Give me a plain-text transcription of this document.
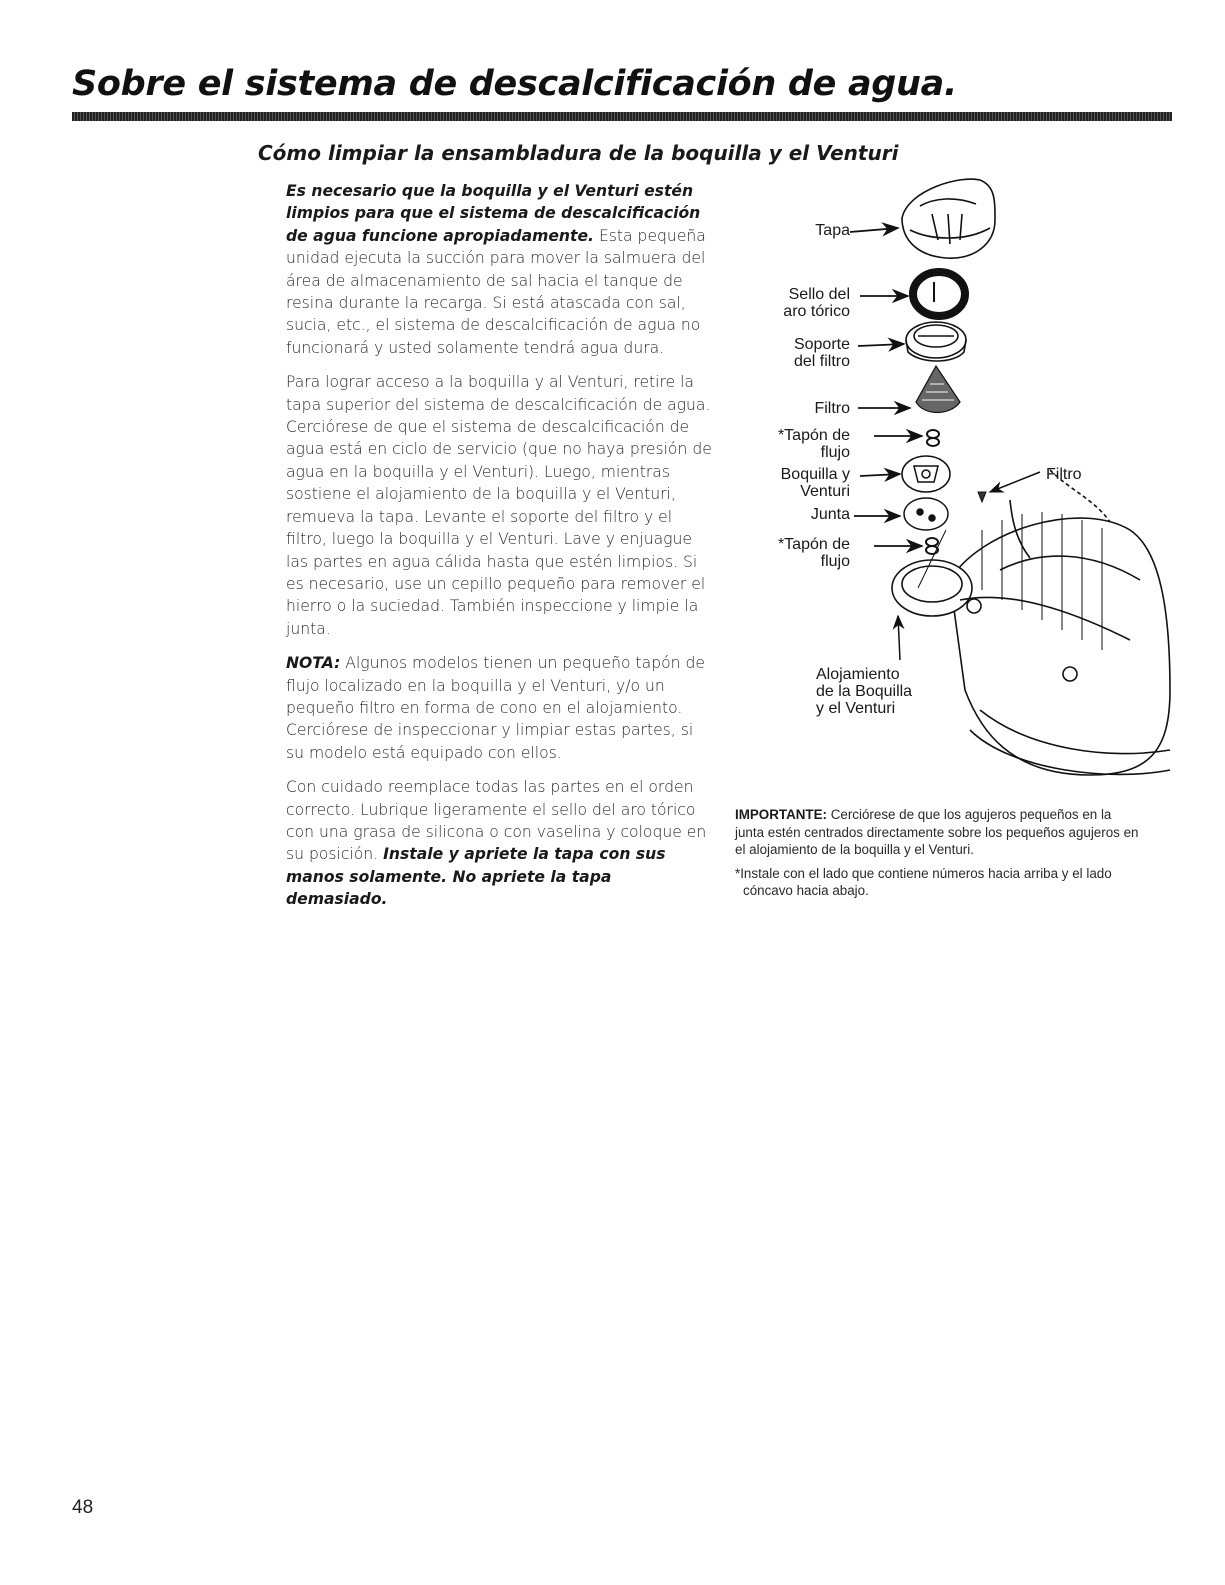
Sobre el sistema de descalcificación de agua.
Cómo limpiar la ensambladura de la boquilla y el Venturi

Es necesario que la boquilla y el Venturi estén limpios para que el sistema de descalcificación de agua funcione apropiadamente. Esta pequeña unidad ejecuta la succión para mover la salmuera del área de almacenamiento de sal hacia el tanque de resina durante la recarga. Si está atascada con sal, sucia, etc., el sistema de descalcificación de agua no funcionará y usted solamente tendrá agua dura.

Para lograr acceso a la boquilla y al Venturi, retire la tapa superior del sistema de descalcificación de agua. Cerciórese de que el sistema de descalcificación de agua está en ciclo de servicio (que no haya presión de agua en la boquilla y el Venturi). Luego, mientras sostiene el alojamiento de la boquilla y el Venturi, remueva la tapa. Levante el soporte del filtro y el filtro, luego la boquilla y el Venturi. Lave y enjuague las partes en agua cálida hasta que estén limpios. Si es necesario, use un cepillo pequeño para remover el hierro o la suciedad. También inspeccione y limpie la junta.

NOTA: Algunos modelos tienen un pequeño tapón de flujo localizado en la boquilla y el Venturi, y/o un pequeño filtro en forma de cono en el alojamiento. Cerciórese de inspeccionar y limpiar estas partes, si su modelo está equipado con ellos.

Con cuidado reemplace todas las partes en el orden correcto. Lubrique ligeramente el sello del aro tórico con una grasa de silicona o con vaselina y coloque en su posición. Instale y apriete la tapa con sus manos solamente. No apriete la tapa demasiado.

Tapa
Sello del
aro tórico
Soporte
del filtro
Filtro
*Tapón de
flujo
Boquilla y
Venturi
Junta
*Tapón de
flujo
Filtro
Alojamiento
de la Boquilla
y el Venturi

IMPORTANTE: Cerciórese de que los agujeros pequeños en la junta estén centrados directamente sobre los pequeños agujeros en el alojamiento de la boquilla y el Venturi.

*Instale con el lado que contiene números hacia arriba y el lado cóncavo hacia abajo.

48
